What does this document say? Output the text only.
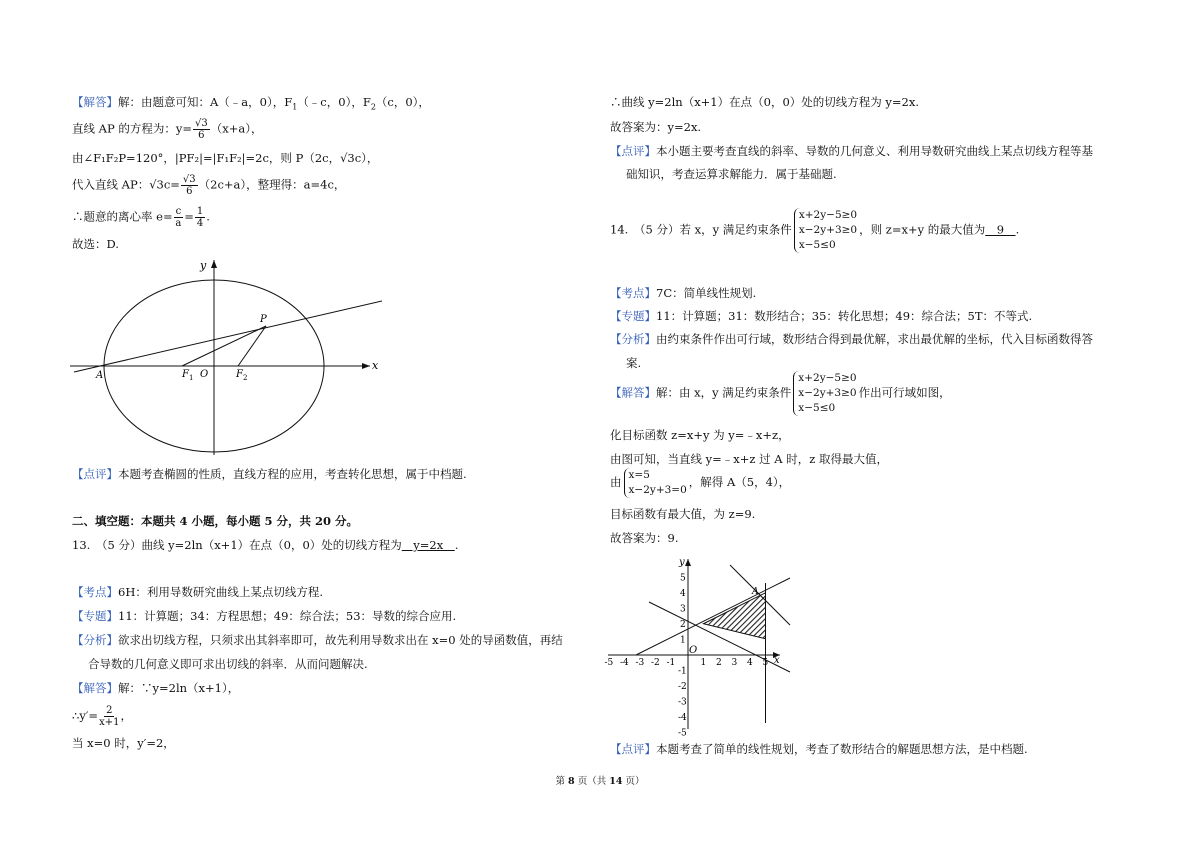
【解答】解：由题意可知：A（﹣a，0），$F_1(﹣c$，0），$F_2(c$，0），
直线 AP 的方程为：$y= \frac{√3}{6} (x+a)$，
由∠F₁F₂P=120°，|PF₂|=|F₁F₂|=2c，则 P（2c，√3c），
代入直线 AP：$√3c= \frac{√3}{6} (2c+a)$，整理得：a=4c，
∴题意的离心率 $e= \frac{c}{a} = \frac{1}{4}$ .
故选：D.
y
x
A
P
O
F 1	F 2
【点评】本题考查椭圆的性质，直线方程的应用，考查转化思想，属于中档题.
二、填空题：本题共 4 小题，每小题 5 分，共 20 分。
13.　（5 分）曲线 y=2ln（x+1）在点（0，0）处的切线方程为　y=2x　.
【考点】6H：利用导数研究曲线上某点切线方程.
【专题】11：计算题；34：方程思想；49：综合法；53：导数的综合应用.
【分析】欲求出切线方程，只须求出其斜率即可，故先利用导数求出在 x=0 处的导函数值，再结
合导数的几何意义即可求出切线的斜率．从而问题解决.
【解答】解：∵y=2ln（x+1），
∴y′= $\frac{2}{x+1}$ ，
当 x=0 时，y′=2，
∴曲线 y=2ln（x+1）在点（0，0）处的切线方程为 y=2x.
故答案为：y=2x.
【点评】本小题主要考查直线的斜率、导数的几何意义、利用导数研究曲线上某点切线方程等基
础知识，考查运算求解能力．属于基础题.
14.　（5 分）若 x，y 满足约束条件x+2y−5≥0
x−2y+3≥0
x−5≤0，则 z=x+y 的最大值为　9　.
【考点】7C：简单线性规划.
【专题】11：计算题；31：数形结合；35：转化思想；49：综合法；5T：不等式.
【分析】由约束条件作出可行域，数形结合得到最优解，求出最优解的坐标，代入目标函数得答
案.
【解答】解：由 x，y 满足约束条件x+2y−5≥0
x−2y+3≥0
x−5≤0作出可行域如图，
化目标函数 z=x+y 为 y=﹣x+z，
由图可知，当直线 y=﹣x+z 过 A 时，z 取得最大值，
由 x=5
x−2y+3=0，解得 A（5，4），
目标函数有最大值，为 z=9.
故答案为：9.
-5 -4 -3 -2 -1	1 2 3 4 5
5
4
3
2
1
-1
-2
-3
-4
-5
y
x
O
A
【点评】本题考查了简单的线性规划，考查了数形结合的解题思想方法，是中档题.
第 8 页（共 14 页）
